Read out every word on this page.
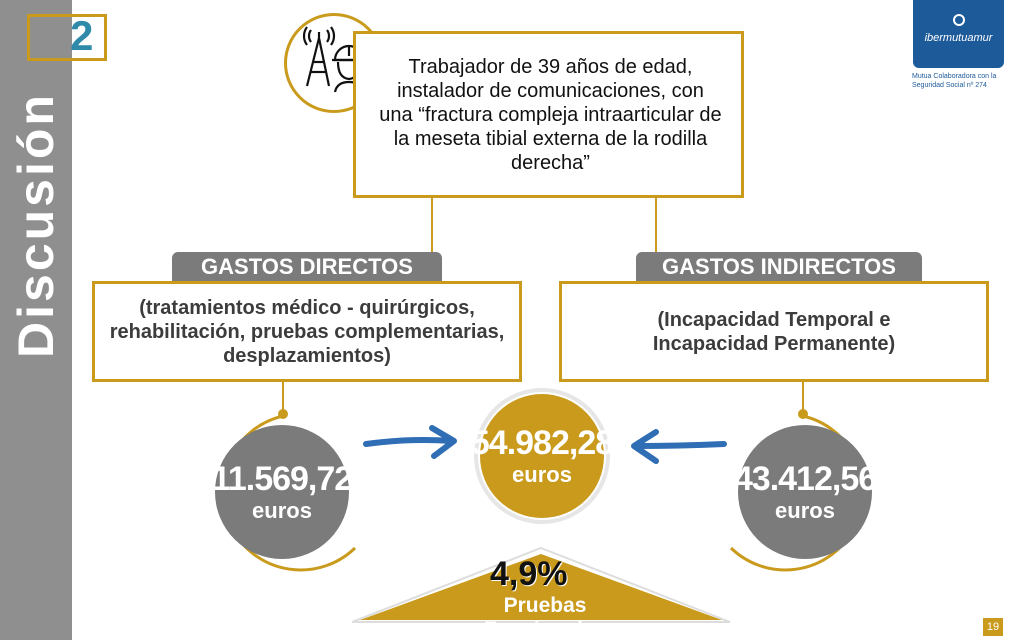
Discusión
2	ibermutuamur
Mutua Colaboradora con la Seguridad Social nº 274
Trabajador de 39 años de edad, instalador de comunicaciones, con una “fractura compleja intraarticular de la meseta tibial externa de la rodilla derecha”
GASTOS DIRECTOS
(tratamientos médico - quirúrgicos, rehabilitación, pruebas complementarias, desplazamientos)
GASTOS INDIRECTOS
(Incapacidad Temporal e Incapacidad Permanente)
11.569,72
euros
43.412,56
euros
54.982,28
euros
4,9%
Pruebas Funcionales	19
